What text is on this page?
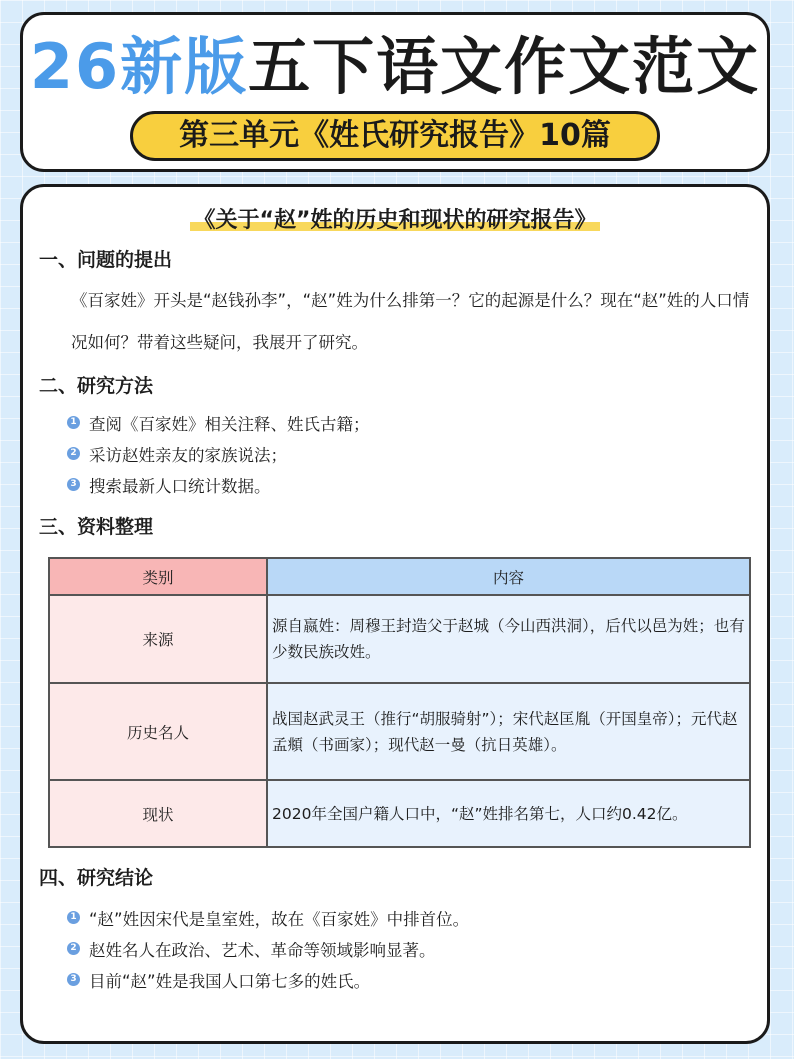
26新版五下语文作文范文
第三单元《姓氏研究报告》10篇
《关于“赵”姓的历史和现状的研究报告》
一、问题的提出
《百家姓》开头是“赵钱孙李”，“赵”姓为什么排第一？它的起源是什么？现在“赵”姓的人口情况如何？带着这些疑问，我展开了研究。
二、研究方法
1 查阅《百家姓》相关注释、姓氏古籍；
2 采访赵姓亲友的家族说法；
3 搜索最新人口统计数据。
三、资料整理
类别	内容
来源	源自嬴姓：周穆王封造父于赵城（今山西洪洞），后代以邑为姓；也有少数民族改姓。
历史名人	战国赵武灵王（推行“胡服骑射”）；宋代赵匡胤（开国皇帝）；元代赵孟頫（书画家）；现代赵一曼（抗日英雄）。
现状	2020年全国户籍人口中，“赵”姓排名第七，人口约0.42亿。
四、研究结论
1 “赵”姓因宋代是皇室姓，故在《百家姓》中排首位。
2 赵姓名人在政治、艺术、革命等领域影响显著。
3 目前“赵”姓是我国人口第七多的姓氏。
